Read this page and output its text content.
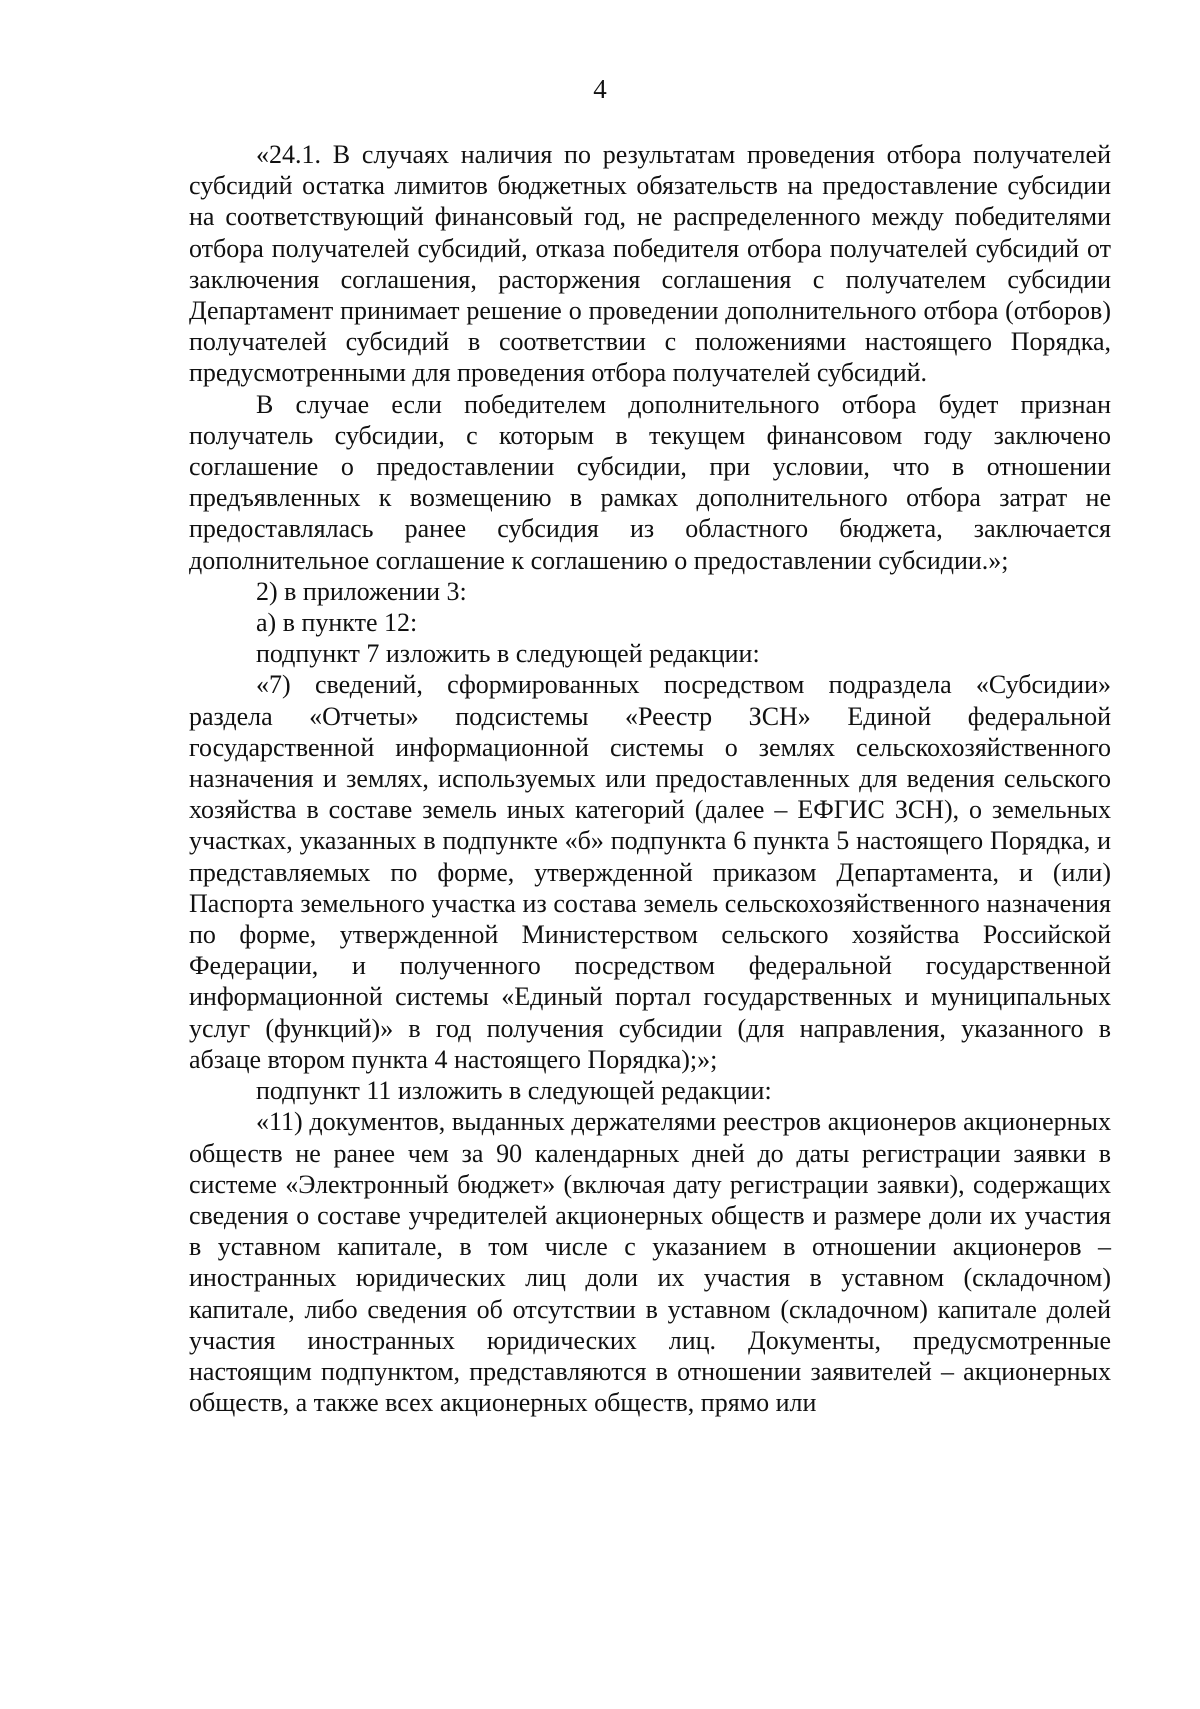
4

«24.1. В случаях наличия по результатам проведения отбора получателей субсидий остатка лимитов бюджетных обязательств на предоставление субсидии на соответствующий финансовый год, не распределенного между победителями отбора получателей субсидий, отказа победителя отбора получателей субсидий от заключения соглашения, расторжения соглашения с получателем субсидии Департамент принимает решение о проведении дополнительного отбора (отборов) получателей субсидий в соответствии с положениями настоящего Порядка, предусмотренными для проведения отбора получателей субсидий.

В случае если победителем дополнительного отбора будет признан получатель субсидии, с которым в текущем финансовом году заключено соглашение о предоставлении субсидии, при условии, что в отношении предъявленных к возмещению в рамках дополнительного отбора затрат не предоставлялась ранее субсидия из областного бюджета, заключается дополнительное соглашение к соглашению о предоставлении субсидии.»;

2) в приложении 3:

а) в пункте 12:

подпункт 7 изложить в следующей редакции:

«7) сведений, сформированных посредством подраздела «Субсидии» раздела «Отчеты» подсистемы «Реестр ЗСН» Единой федеральной государственной информационной системы о землях сельскохозяйственного назначения и землях, используемых или предоставленных для ведения сельского хозяйства в составе земель иных категорий (далее – ЕФГИС ЗСН), о земельных участках, указанных в подпункте «б» подпункта 6 пункта 5 настоящего Порядка, и представляемых по форме, утвержденной приказом Департамента, и (или) Паспорта земельного участка из состава земель сельскохозяйственного назначения по форме, утвержденной Министерством сельского хозяйства Российской Федерации, и полученного посредством федеральной государственной информационной системы «Единый портал государственных и муниципальных услуг (функций)» в год получения субсидии (для направления, указанного в абзаце втором пункта 4 настоящего Порядка);»;

подпункт 11 изложить в следующей редакции:

«11) документов, выданных держателями реестров акционеров акционерных обществ не ранее чем за 90 календарных дней до даты регистрации заявки в системе «Электронный бюджет» (включая дату регистрации заявки), содержащих сведения о составе учредителей акционерных обществ и размере доли их участия в уставном капитале, в том числе с указанием в отношении акционеров – иностранных юридических лиц доли их участия в уставном (складочном) капитале, либо сведения об отсутствии в уставном (складочном) капитале долей участия иностранных юридических лиц. Документы, предусмотренные настоящим подпунктом, представляются в отношении заявителей – акционерных обществ, а также всех акционерных обществ, прямо или
